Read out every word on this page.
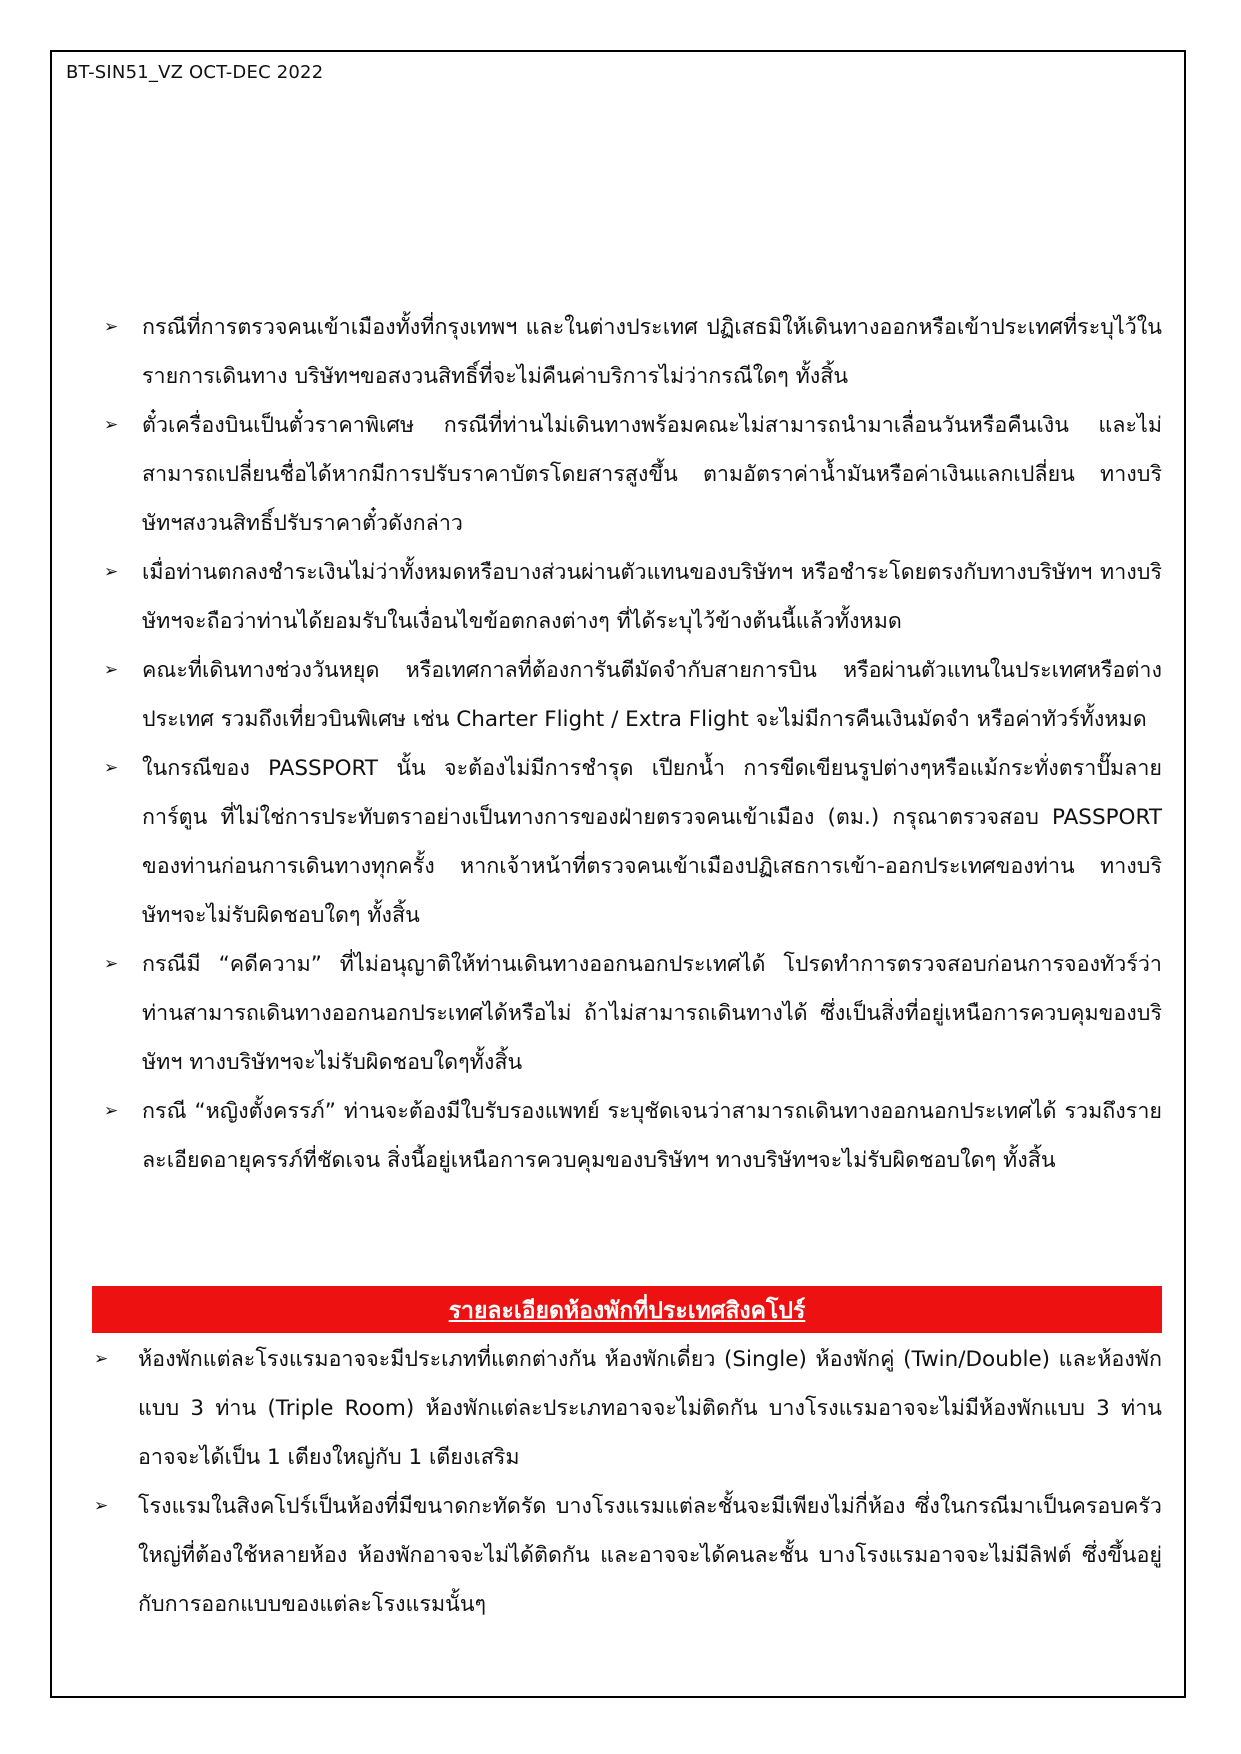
BT-SIN51_VZ OCT-DEC 2022
➢ กรณีที่การตรวจคนเข้าเมืองทั้งที่กรุงเทพฯ และในต่างประเทศ ปฏิเสธมิให้เดินทางออกหรือเข้าประเทศที่ระบุไว้ในรายการเดินทาง บริษัทฯขอสงวนสิทธิ์ที่จะไม่คืนค่าบริการไม่ว่ากรณีใดๆ ทั้งสิ้น
➢ ตั๋วเครื่องบินเป็นตั๋วราคาพิเศษ กรณีที่ท่านไม่เดินทางพร้อมคณะไม่สามารถนำมาเลื่อนวันหรือคืนเงิน และไม่สามารถเปลี่ยนชื่อได้หากมีการปรับราคาบัตรโดยสารสูงขึ้น ตามอัตราค่าน้ำมันหรือค่าเงินแลกเปลี่ยน ทางบริษัทฯสงวนสิทธิ์ปรับราคาตั๋วดังกล่าว
➢ เมื่อท่านตกลงชำระเงินไม่ว่าทั้งหมดหรือบางส่วนผ่านตัวแทนของบริษัทฯ หรือชำระโดยตรงกับทางบริษัทฯ ทางบริษัทฯจะถือว่าท่านได้ยอมรับในเงื่อนไขข้อตกลงต่างๆ ที่ได้ระบุไว้ข้างต้นนี้แล้วทั้งหมด
➢ คณะที่เดินทางช่วงวันหยุด หรือเทศกาลที่ต้องการันตีมัดจำกับสายการบิน หรือผ่านตัวแทนในประเทศหรือต่างประเทศ รวมถึงเที่ยวบินพิเศษ เช่น Charter Flight / Extra Flight จะไม่มีการคืนเงินมัดจำ หรือค่าทัวร์ทั้งหมด
➢ ในกรณีของ PASSPORT นั้น จะต้องไม่มีการชำรุด เปียกน้ำ การขีดเขียนรูปต่างๆหรือแม้กระทั่งตราปั๊มลายการ์ตูน ที่ไม่ใช่การประทับตราอย่างเป็นทางการของฝ่ายตรวจคนเข้าเมือง (ตม.) กรุณาตรวจสอบ PASSPORT ของท่านก่อนการเดินทางทุกครั้ง หากเจ้าหน้าที่ตรวจคนเข้าเมืองปฏิเสธการเข้า-ออกประเทศของท่าน ทางบริษัทฯจะไม่รับผิดชอบใดๆ ทั้งสิ้น
➢ กรณีมี “คดีความ” ที่ไม่อนุญาติให้ท่านเดินทางออกนอกประเทศได้ โปรดทำการตรวจสอบก่อนการจองทัวร์ว่าท่านสามารถเดินทางออกนอกประเทศได้หรือไม่ ถ้าไม่สามารถเดินทางได้ ซึ่งเป็นสิ่งที่อยู่เหนือการควบคุมของบริษัทฯ ทางบริษัทฯจะไม่รับผิดชอบใดๆทั้งสิ้น
➢ กรณี “หญิงตั้งครรภ์” ท่านจะต้องมีใบรับรองแพทย์ ระบุชัดเจนว่าสามารถเดินทางออกนอกประเทศได้ รวมถึงรายละเอียดอายุครรภ์ที่ชัดเจน สิ่งนี้อยู่เหนือการควบคุมของบริษัทฯ ทางบริษัทฯจะไม่รับผิดชอบใดๆ ทั้งสิ้น
รายละเอียดห้องพักที่ประเทศสิงคโปร์
➢ ห้องพักแต่ละโรงแรมอาจจะมีประเภทที่แตกต่างกัน ห้องพักเดี่ยว (Single) ห้องพักคู่ (Twin/Double) และห้องพักแบบ 3 ท่าน (Triple Room) ห้องพักแต่ละประเภทอาจจะไม่ติดกัน บางโรงแรมอาจจะไม่มีห้องพักแบบ 3 ท่าน อาจจะได้เป็น 1 เตียงใหญ่กับ 1 เตียงเสริม
➢ โรงแรมในสิงคโปร์เป็นห้องที่มีขนาดกะทัดรัด บางโรงแรมแต่ละชั้นจะมีเพียงไม่กี่ห้อง ซึ่งในกรณีมาเป็นครอบครัวใหญ่ที่ต้องใช้หลายห้อง ห้องพักอาจจะไม่ได้ติดกัน และอาจจะได้คนละชั้น บางโรงแรมอาจจะไม่มีลิฟต์ ซึ่งขึ้นอยู่กับการออกแบบของแต่ละโรงแรมนั้นๆ
